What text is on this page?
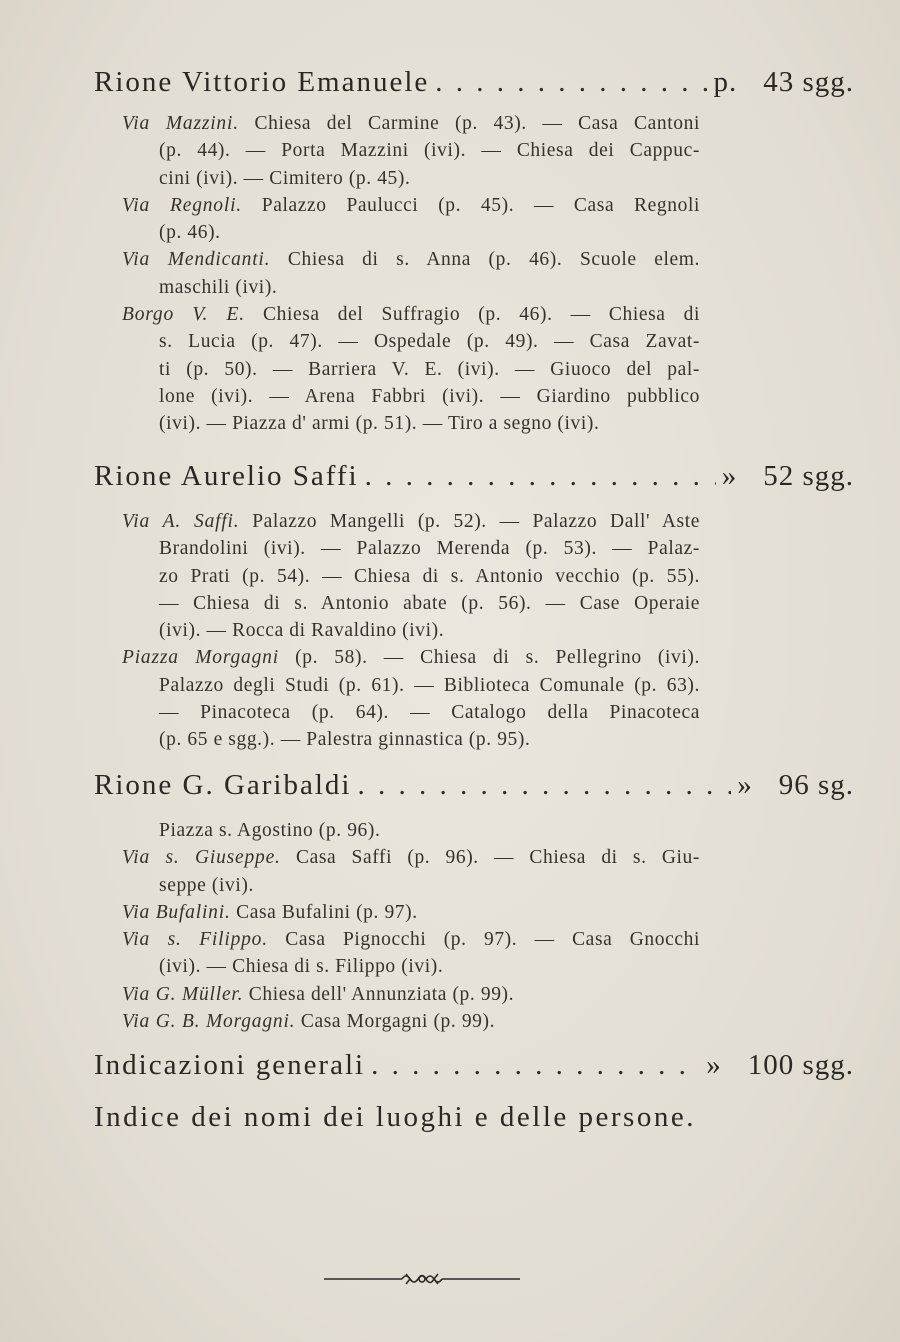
Rione Vittorio Emanuele . . .	p. 43 sgg.
Via Mazzini. Chiesa del Carmine (p. 43). — Casa Cantoni
(p. 44). — Porta Mazzini (ivi). — Chiesa dei Cappuc-
cini (ivi). — Cimitero (p. 45).
Via Regnoli. Palazzo Paulucci (p. 45). — Casa Regnoli
(p. 46).
Via Mendicanti. Chiesa di s. Anna (p. 46). Scuole elem.
maschili (ivi).
Borgo V. E. Chiesa del Suffragio (p. 46). — Chiesa di
s. Lucia (p. 47). — Ospedale (p. 49). — Casa Zavat-
ti (p. 50). — Barriera V. E. (ivi). — Giuoco del pal-
lone (ivi). — Arena Fabbri (ivi). — Giardino pubblico
(ivi). — Piazza d' armi (p. 51). — Tiro a segno (ivi).
Rione Aurelio Saffi . . .	» 52 sgg.
Via A. Saffi. Palazzo Mangelli (p. 52). — Palazzo Dall' Aste
Brandolini (ivi). — Palazzo Merenda (p. 53). — Palaz-
zo Prati (p. 54). — Chiesa di s. Antonio vecchio (p. 55).
— Chiesa di s. Antonio abate (p. 56). — Case Operaie
(ivi). — Rocca di Ravaldino (ivi).
Piazza Morgagni (p. 58). — Chiesa di s. Pellegrino (ivi).
Palazzo degli Studi (p. 61). — Biblioteca Comunale (p. 63).
— Pinacoteca (p. 64). — Catalogo della Pinacoteca
(p. 65 e sgg.). — Palestra ginnastica (p. 95).
Rione G. Garibaldi . . .	» 96 sg.
Piazza s. Agostino (p. 96).
Via s. Giuseppe. Casa Saffi (p. 96). — Chiesa di s. Giu-
seppe (ivi).
Via Bufalini. Casa Bufalini (p. 97).
Via s. Filippo. Casa Pignocchi (p. 97). — Casa Gnocchi
(ivi). — Chiesa di s. Filippo (ivi).
Via G. Müller. Chiesa dell' Annunziata (p. 99).
Via G. B. Morgagni. Casa Morgagni (p. 99).
Indicazioni generali . . .	» 100 sgg.
Indice dei nomi dei luoghi e delle persone.
